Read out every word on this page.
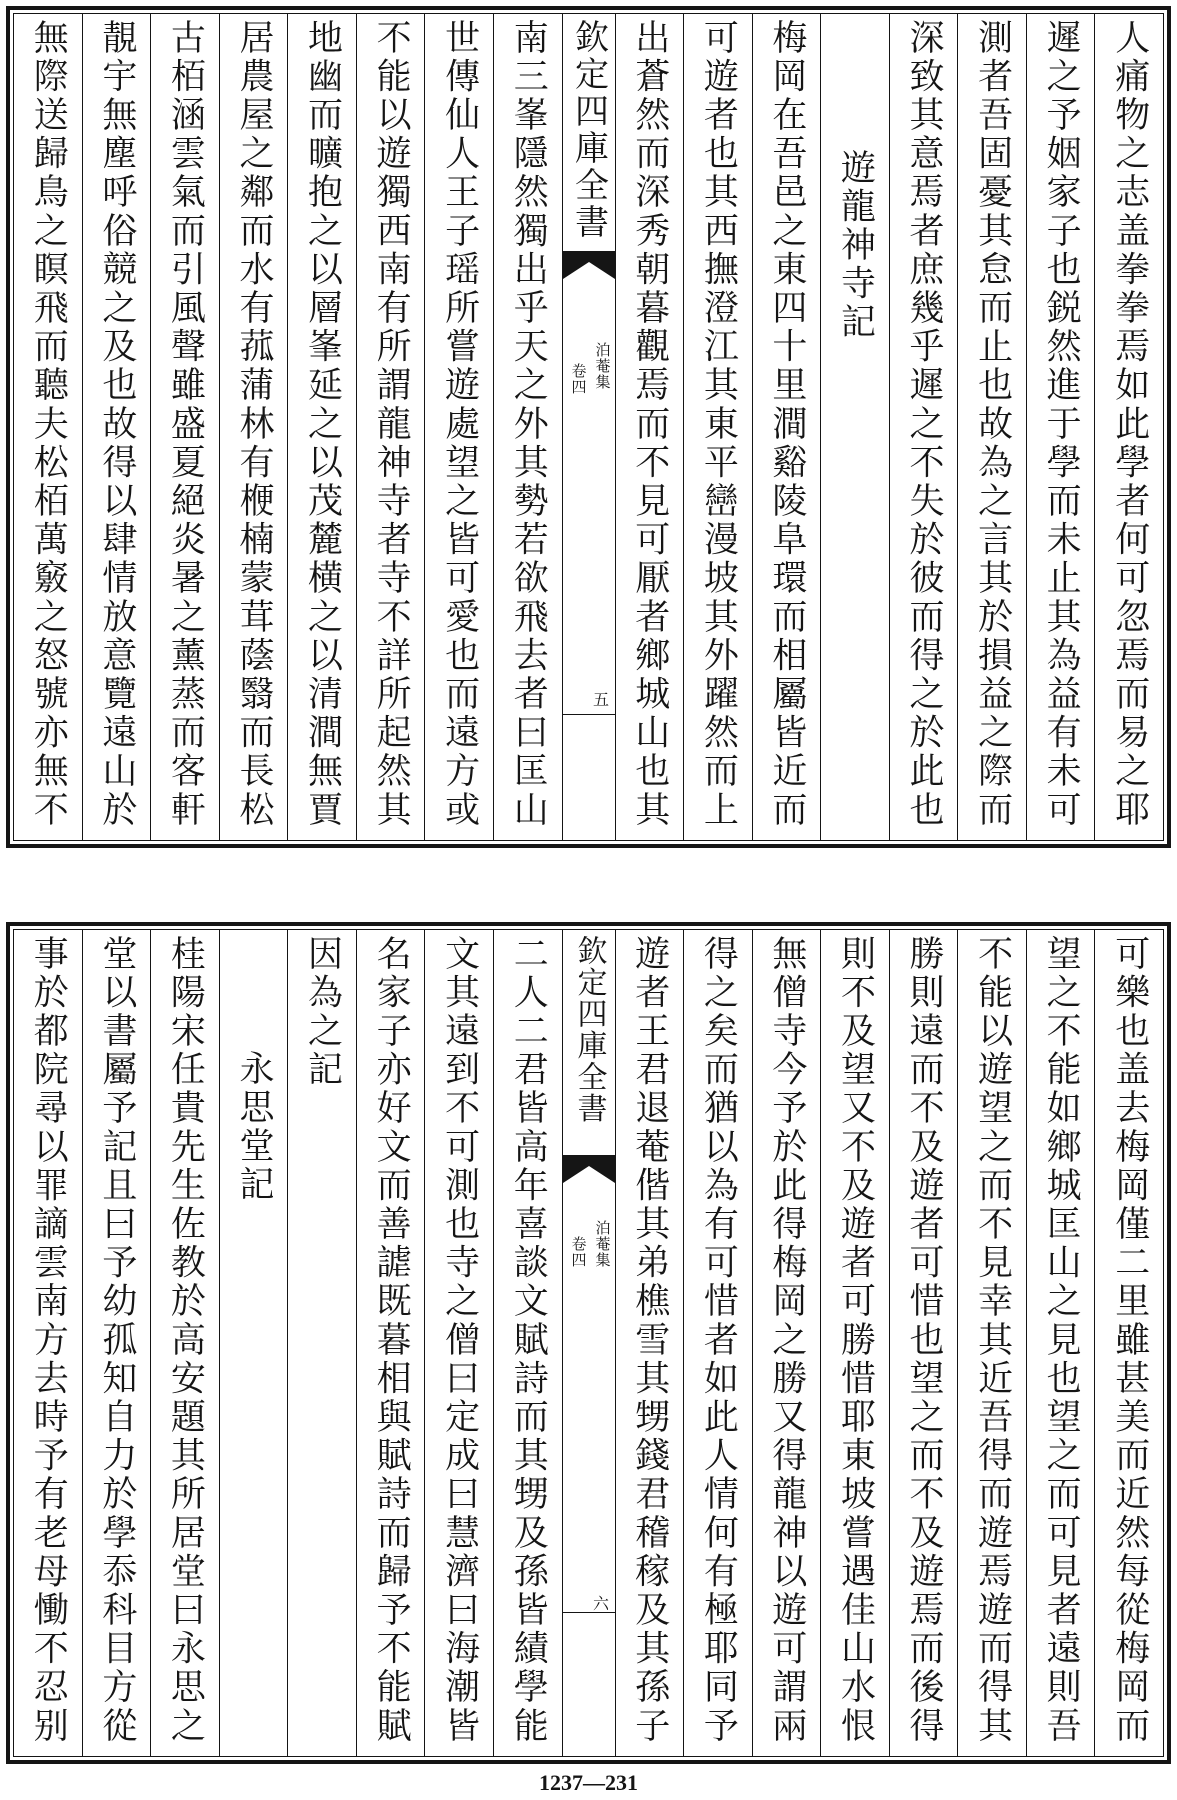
人痛物之志盖拳拳焉如此學者何可忽焉而易之耶
遲之予姻家子也鋭然進于學而未止其為益有未可
測者吾固憂其怠而止也故為之言其於損益之際而
深致其意焉者庶幾乎遲之不失於彼而得之於此也
遊龍神寺記
梅岡在吾邑之東四十里澗谿陵阜環而相屬皆近而
可遊者也其西撫澄江其東平巒漫坡其外躍然而上
出蒼然而深秀朝暮觀焉而不見可厭者鄉城山也其
欽定四庫全書
泊菴集
卷四
五
南三峯隱然獨出乎天之外其勢若欲飛去者曰匡山
世傳仙人王子瑶所嘗遊處望之皆可愛也而遠方或
不能以遊獨西南有所謂龍神寺者寺不詳所起然其
地幽而曠抱之以層峯延之以茂麓横之以清澗無賈
居農屋之鄰而水有菰蒲林有楩楠蒙茸蔭翳而長松
古栢涵雲氣而引風聲雖盛夏絕炎暑之薰蒸而客軒
靚宇無塵呼俗競之及也故得以肆情放意覽遠山於
無際送歸鳥之瞑飛而聽夫松栢萬竅之怒號亦無不
可樂也盖去梅岡僅二里雖甚美而近然每從梅岡而
望之不能如鄉城匡山之見也望之而可見者遠則吾
不能以遊望之而不見幸其近吾得而遊焉遊而得其
勝則遠而不及遊者可惜也望之而不及遊焉而後得
則不及望又不及遊者可勝惜耶東坡嘗遇佳山水恨
無僧寺今予於此得梅岡之勝又得龍神以遊可謂兩
得之矣而猶以為有可惜者如此人情何有極耶同予
遊者王君退菴偕其弟樵雪其甥錢君稽稼及其孫子
欽定四庫全書
泊菴集
卷四
六
二人二君皆高年喜談文賦詩而其甥及孫皆績學能
文其遠到不可測也寺之僧曰定成曰慧濟曰海潮皆
名家子亦好文而善謔既暮相與賦詩而歸予不能賦
因為之記
永思堂記
桂陽宋任貴先生佐教於高安題其所居堂曰永思之
堂以書屬予記且曰予幼孤知自力於學忝科目方從
事於都院尋以罪謫雲南方去時予有老母慟不忍别
1237—231
